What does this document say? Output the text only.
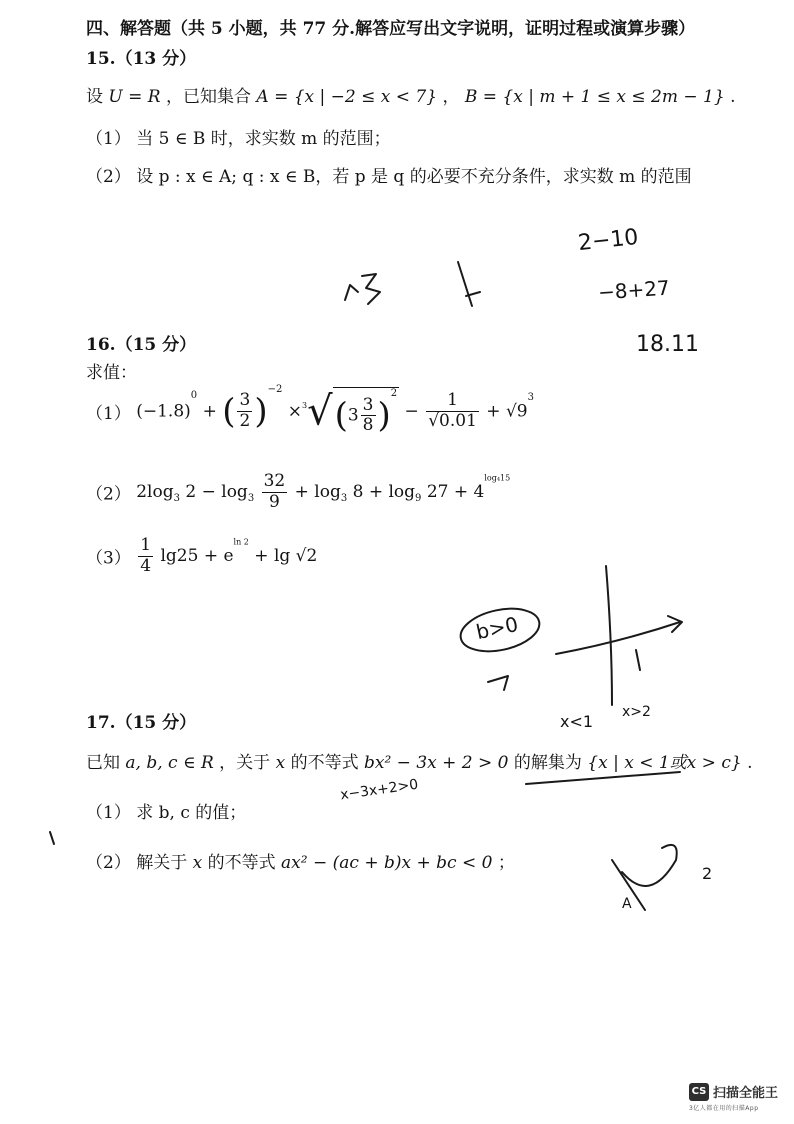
四、解答题（共 5 小题，共 77 分.解答应写出文字说明，证明过程或演算步骤）
15.（13 分）
设 U = R ，已知集合 A = {x | −2 ≤ x < 7} ， B = {x | m + 1 ≤ x ≤ 2m − 1} .
（1） 当 5 ∈ B 时，求实数 m 的范围；
（2） 设 p : x ∈ A; q : x ∈ B，若 p 是 q 的必要不充分条件，求实数 m 的范围
16.（15 分）
求值：
（1） $(-1.8)^0$ + ( $\frac{3}{2} )^{-2} \times^3√(3 \frac{3}{8} )^2 - \frac{1}{√0.01} + √9^3$
（2） $2\log_3$ $2 - \log_3 \frac{32}{9} + \log_3 8 + \log_9 27 + 4^{log_415}$
$(3) \frac{1}{4} \lg 25 + e^{ln 2} + \lg √2$
17.（15 分）
已知 a, b, c ∈ R ，关于 x 的不等式 bx² − 3x + 2 > 0 的解集为 {x | x < 1或x > c} .
（1） 求 b, c 的值；
（2） 解关于 x 的不等式 ax² − (ac + b)x + bc < 0 ；
2−10
−8+27
18.11
b>0
x<1 x>2
x−3x+2>0
A
2
CS 扫描全能王
3亿人都在用的扫描App
